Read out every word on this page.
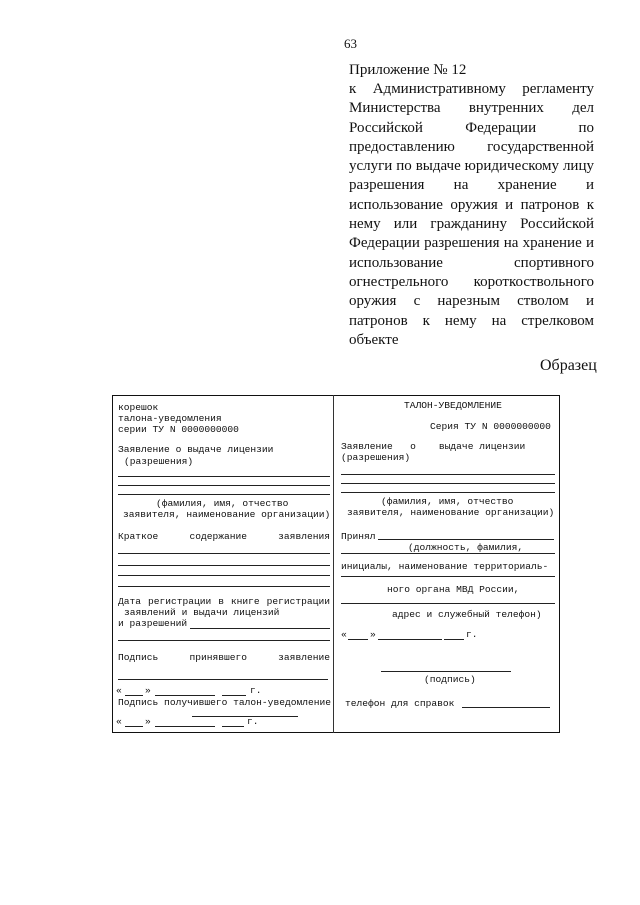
63
Приложение № 12
к Административному регламенту Министерства внутренних дел Российской Федерации по предоставлению государственной услуги по выдаче юридическому лицу разрешения на хранение и использование оружия и патронов к нему или гражданину Российской Федерации разрешения на хранение и использование спортивного огнестрельного короткоствольного оружия с нарезным стволом и патронов к нему на стрелковом объекте
Образец
корешок
талона-уведомления
серии ТУ N 0000000000
Заявление о выдаче лицензии
(разрешения)
(фамилия, имя, отчество
заявителя, наименование организации)
Краткое	содержание	заявления
Дата регистрации в книге регистрации
заявлений и выдачи лицензий
и разрешений
Подпись	принявшего	заявление
« »	г.
Подпись получившего талон-уведомление
« »	г.
ТАЛОН-УВЕДОМЛЕНИЕ
Серия ТУ N 0000000000
Заявление о выдаче лицензии
(разрешения)
(фамилия, имя, отчество
заявителя, наименование организации)
Принял
(должность, фамилия,
инициалы, наименование территориаль-
ного органа МВД России,
адрес и служебный телефон)
« »	г.
(подпись)
телефон для справок
